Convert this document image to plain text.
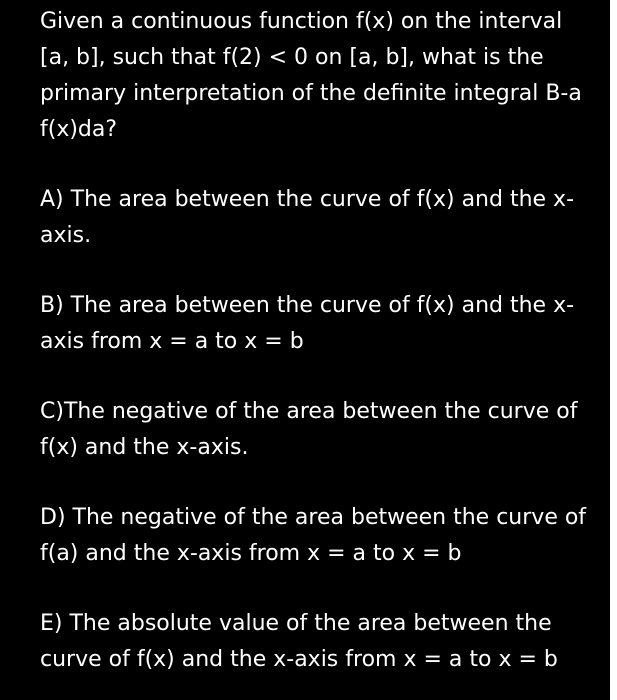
Given a continuous function f(x) on the interval [a, b], such that f(2) < 0 on [a, b], what is the primary interpretation of the definite integral B-a f(x)da?

A) The area between the curve of f(x) and the x-axis.

B) The area between the curve of f(x) and the x-axis from x = a to x = b

C)The negative of the area between the curve of f(x) and the x-axis.

D) The negative of the area between the curve of f(a) and the x-axis from x = a to x = b

E) The absolute value of the area between the curve of f(x) and the x-axis from x = a to x = b
